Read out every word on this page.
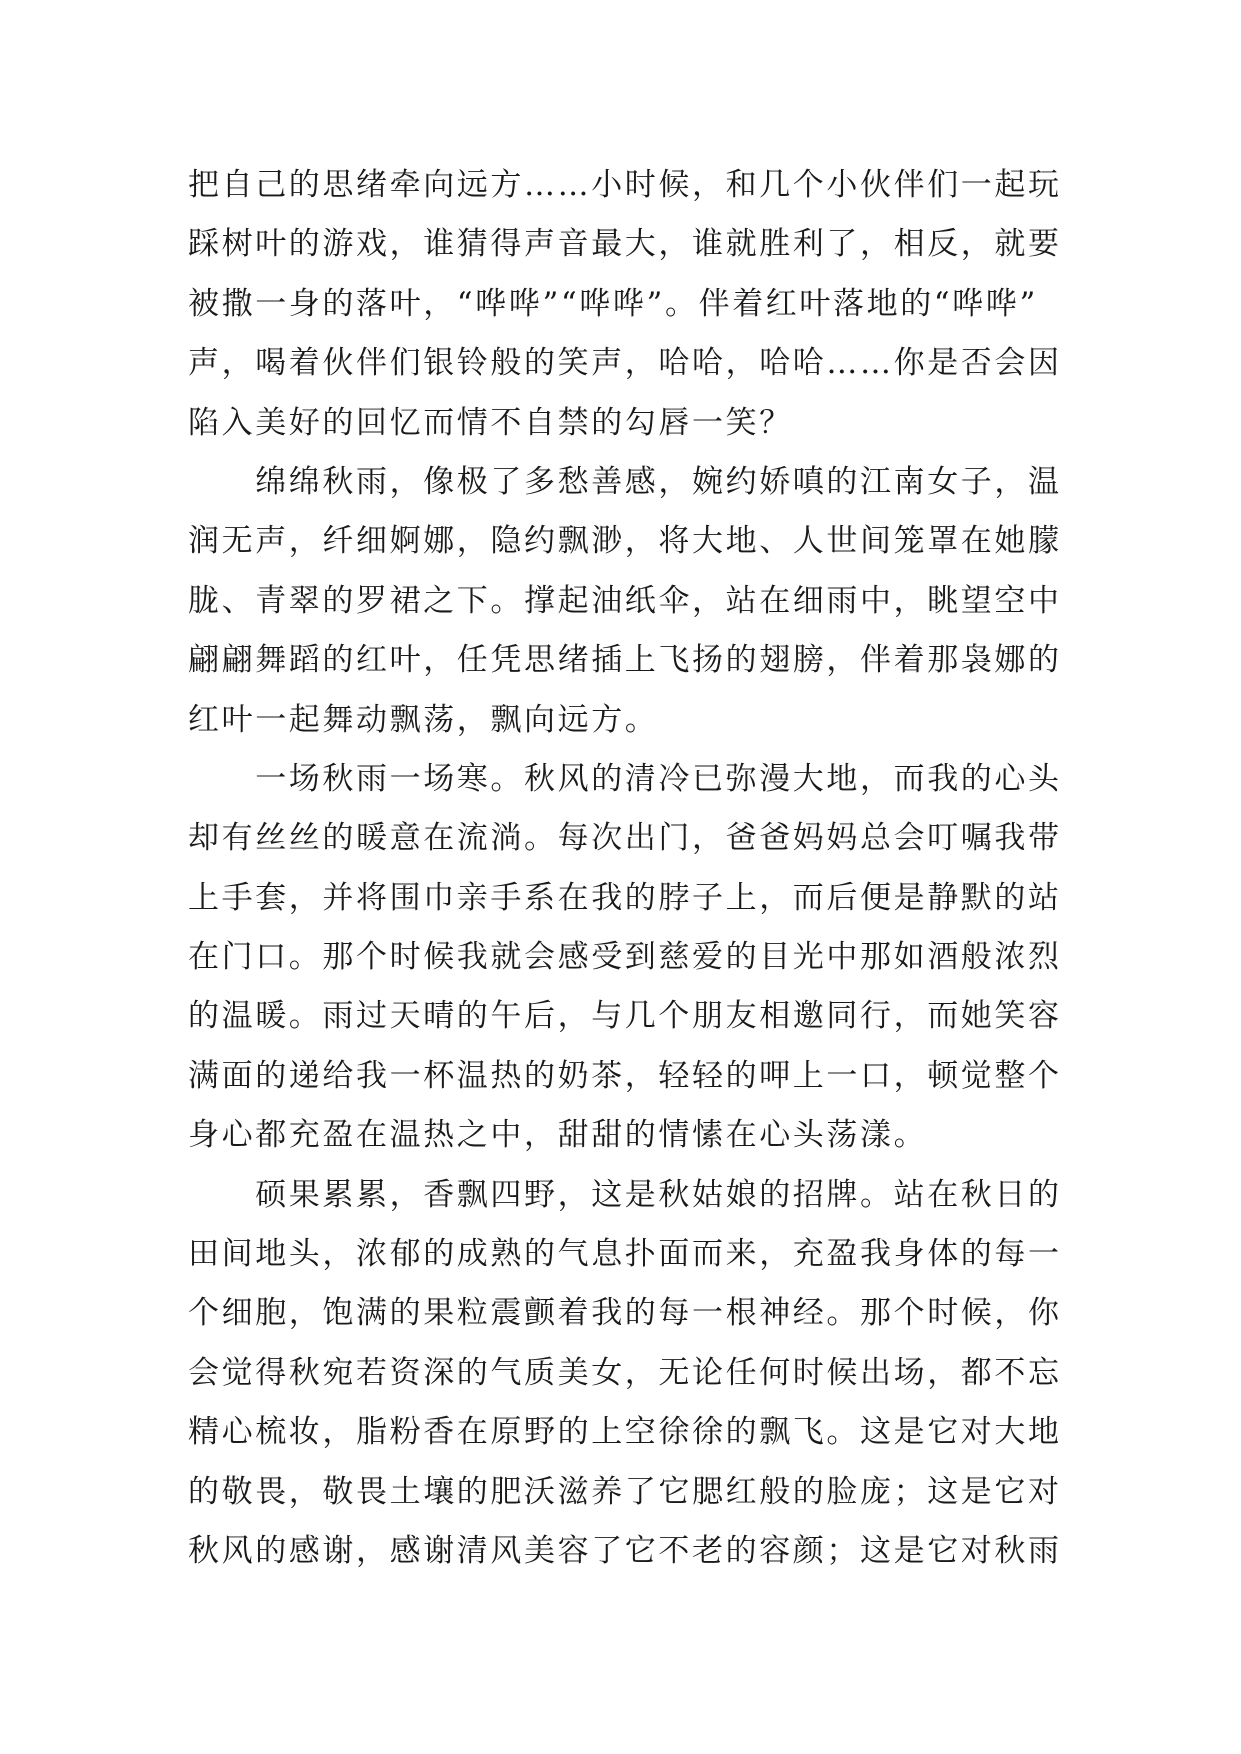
把自己的思绪牵向远方……小时候，和几个小伙伴们一起玩
踩树叶的游戏，谁猜得声音最大，谁就胜利了，相反，就要
被撒一身的落叶，“哗哗”“哗哗”。伴着红叶落地的“哗哗”
声，喝着伙伴们银铃般的笑声，哈哈，哈哈……你是否会因
陷入美好的回忆而情不自禁的勾唇一笑？
　　绵绵秋雨，像极了多愁善感，婉约娇嗔的江南女子，温
润无声，纤细婀娜，隐约飘渺，将大地、人世间笼罩在她朦
胧、青翠的罗裙之下。撑起油纸伞，站在细雨中，眺望空中
翩翩舞蹈的红叶，任凭思绪插上飞扬的翅膀，伴着那袅娜的
红叶一起舞动飘荡，飘向远方。
　　一场秋雨一场寒。秋风的清冷已弥漫大地，而我的心头
却有丝丝的暖意在流淌。每次出门，爸爸妈妈总会叮嘱我带
上手套，并将围巾亲手系在我的脖子上，而后便是静默的站
在门口。那个时候我就会感受到慈爱的目光中那如酒般浓烈
的温暖。雨过天晴的午后，与几个朋友相邀同行，而她笑容
满面的递给我一杯温热的奶茶，轻轻的呷上一口，顿觉整个
身心都充盈在温热之中，甜甜的情愫在心头荡漾。
　　硕果累累，香飘四野，这是秋姑娘的招牌。站在秋日的
田间地头，浓郁的成熟的气息扑面而来，充盈我身体的每一
个细胞，饱满的果粒震颤着我的每一根神经。那个时候，你
会觉得秋宛若资深的气质美女，无论任何时候出场，都不忘
精心梳妆，脂粉香在原野的上空徐徐的飘飞。这是它对大地
的敬畏，敬畏土壤的肥沃滋养了它腮红般的脸庞；这是它对
秋风的感谢，感谢清风美容了它不老的容颜；这是它对秋雨
